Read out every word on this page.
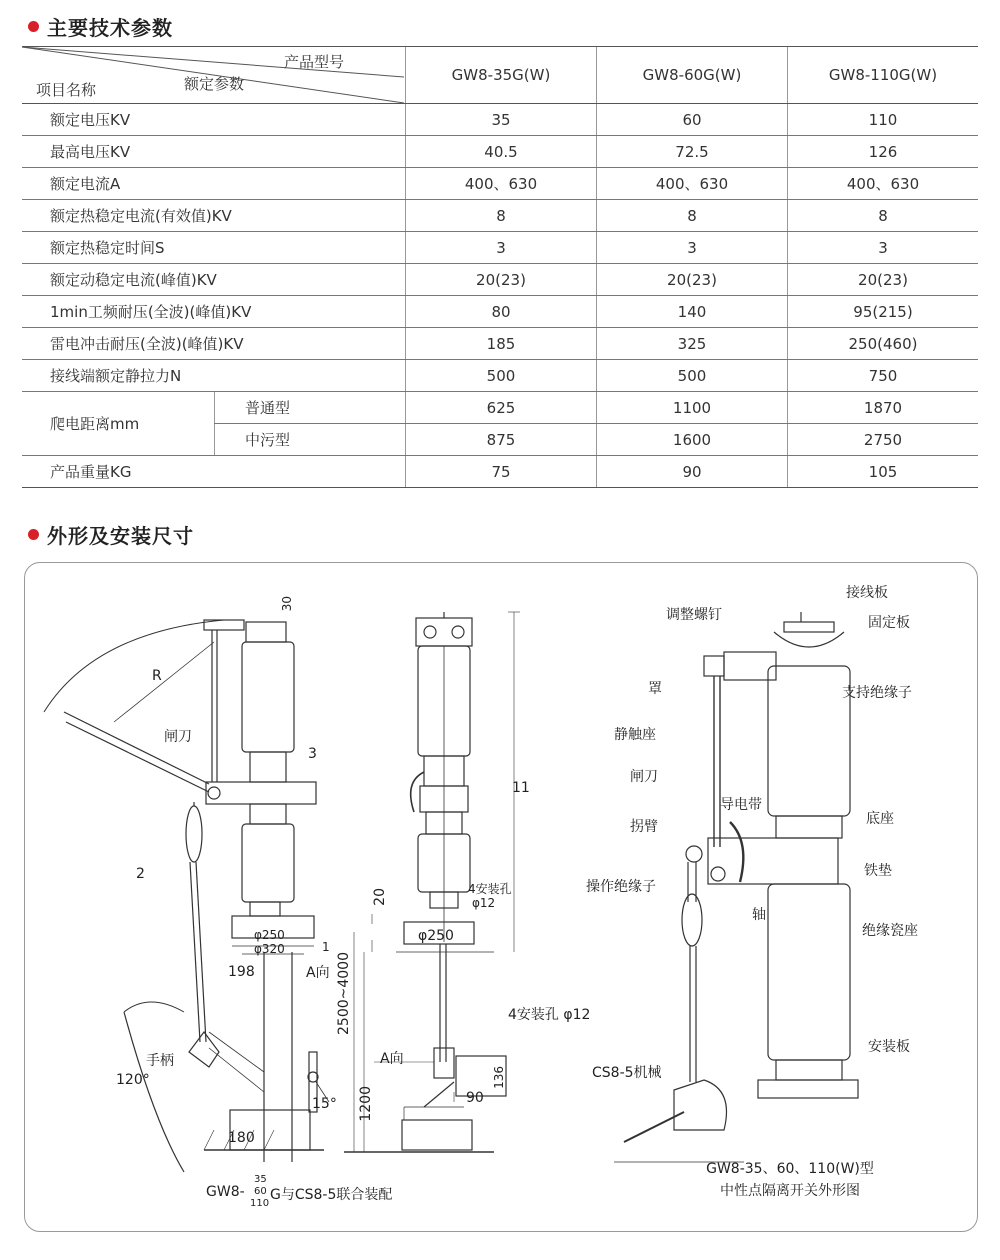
主要技术参数
产品型号
额定参数
项目名称		GW8-35G(W)	GW8-60G(W)	GW8-110G(W)
额定电压KV		35	60	110
最高电压KV		40.5	72.5	126
额定电流A		400、630	400、630	400、630
额定热稳定电流(有效值)KV		8	8	8
额定热稳定时间S		3	3	3
额定动稳定电流(峰值)KV		20(23)	20(23)	20(23)
1min工频耐压(全波)(峰值)KV		80	140	95(215)
雷电冲击耐压(全波)(峰值)KV		185	325	250(460)
接线端额定静拉力N		500	500	750
爬电距离mm	普通型	625	1100	1870
	中污型	875	1600	2750
产品重量KG		75	90	105
外形及安装尺寸
R
闸刀
3
2
1
φ250
φ320
198	A向
手柄
120°
15°
180
30
GW8-
35
60
110
G与CS8-5联合装配
11
4安装孔
φ12
20
φ250
2500~4000	4安装孔 φ12
A向
136
90
1200
接线板
调整螺钉	固定板
罩	支持绝缘子
静触座
闸刀
导电带
底座
拐臂
铁垫
操作绝缘子
轴
绝缘瓷座
安装板
CS8-5机械
GW8-35、60、110(W)型
中性点隔离开关外形图
